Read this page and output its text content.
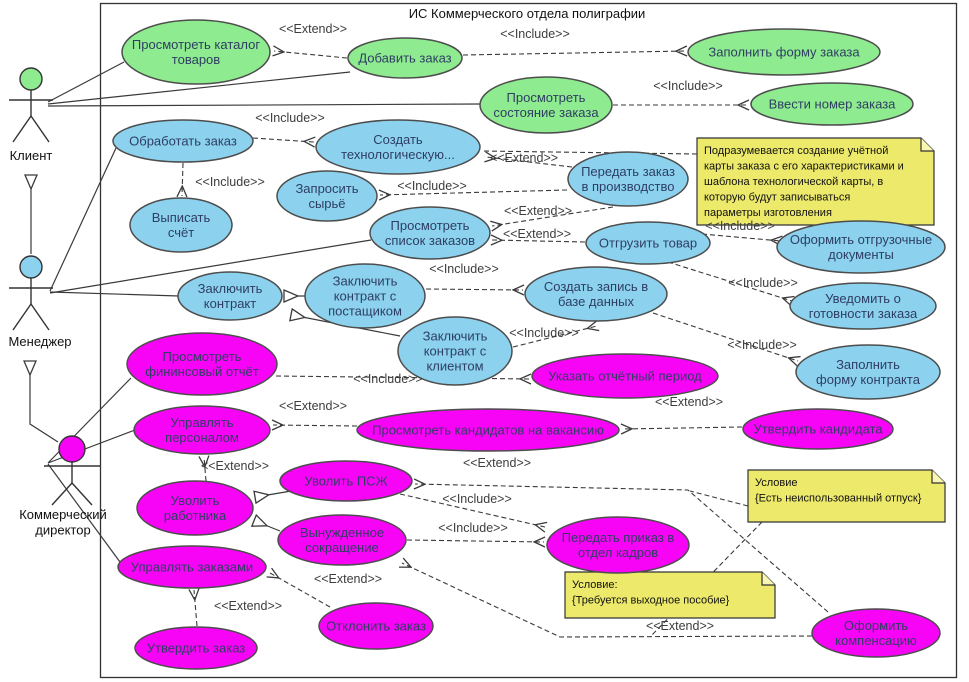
Подразумевается создание учётной карты заказа с его характеристиками и шаблона технологической карты, в которую будут записываться параметры изготовления
Условие {Есть неиспользованный отпуск}
Условие: {Требуется выходное пособие}
Просмотреть каталог товаров	Добавить заказ	Заполнить форму заказа
Просмотреть состояние заказа
Ввести номер заказа
Обработать заказ	Создать технологическую...
Передать заказ в производство
Запросить сырьё
Выписать счёт	Просмотреть список заказов	Отгрузить товар	Оформить отгрузочные документы
Заключить контракт
Заключить контракт с постащиком
Создать запись в базе данных	Уведомить о готовности заказа
Заключить контракт с клиентом	Заполнить форму контракта
Просмотреть фининсовый отчёт	Указать отчётный период
Управлять персоналом	Просмотреть кандидатов на вакансию	Утвердить кандидата
Уволить ПСЖ
Уволить работника
Вынужденное сокращение
Передать приказ в отдел кадров
Управлять заказами
Отклонить заказ
Утвердить заказ
Оформить компенсацию
Клиент
Менеджер
Коммерческий директор
<<Extend>>	<<Include>>
<<Include>>
<<Include>>
<<Include>>
<<Extend>>
<<Include>>
<<Extend>>
<<Extend>>
<<Include>>
<<Include>>
<<Include>>
<<Include>>
<<Include>>
<<Include>>
<<Extend>>	<<Extend>>
<<Extend>>	<<Extend>>
<<Include>>
<<Include>>
<<Extend>>
<<Extend>>
<<Extend>>
ИС Коммерческого отдела полиграфии
